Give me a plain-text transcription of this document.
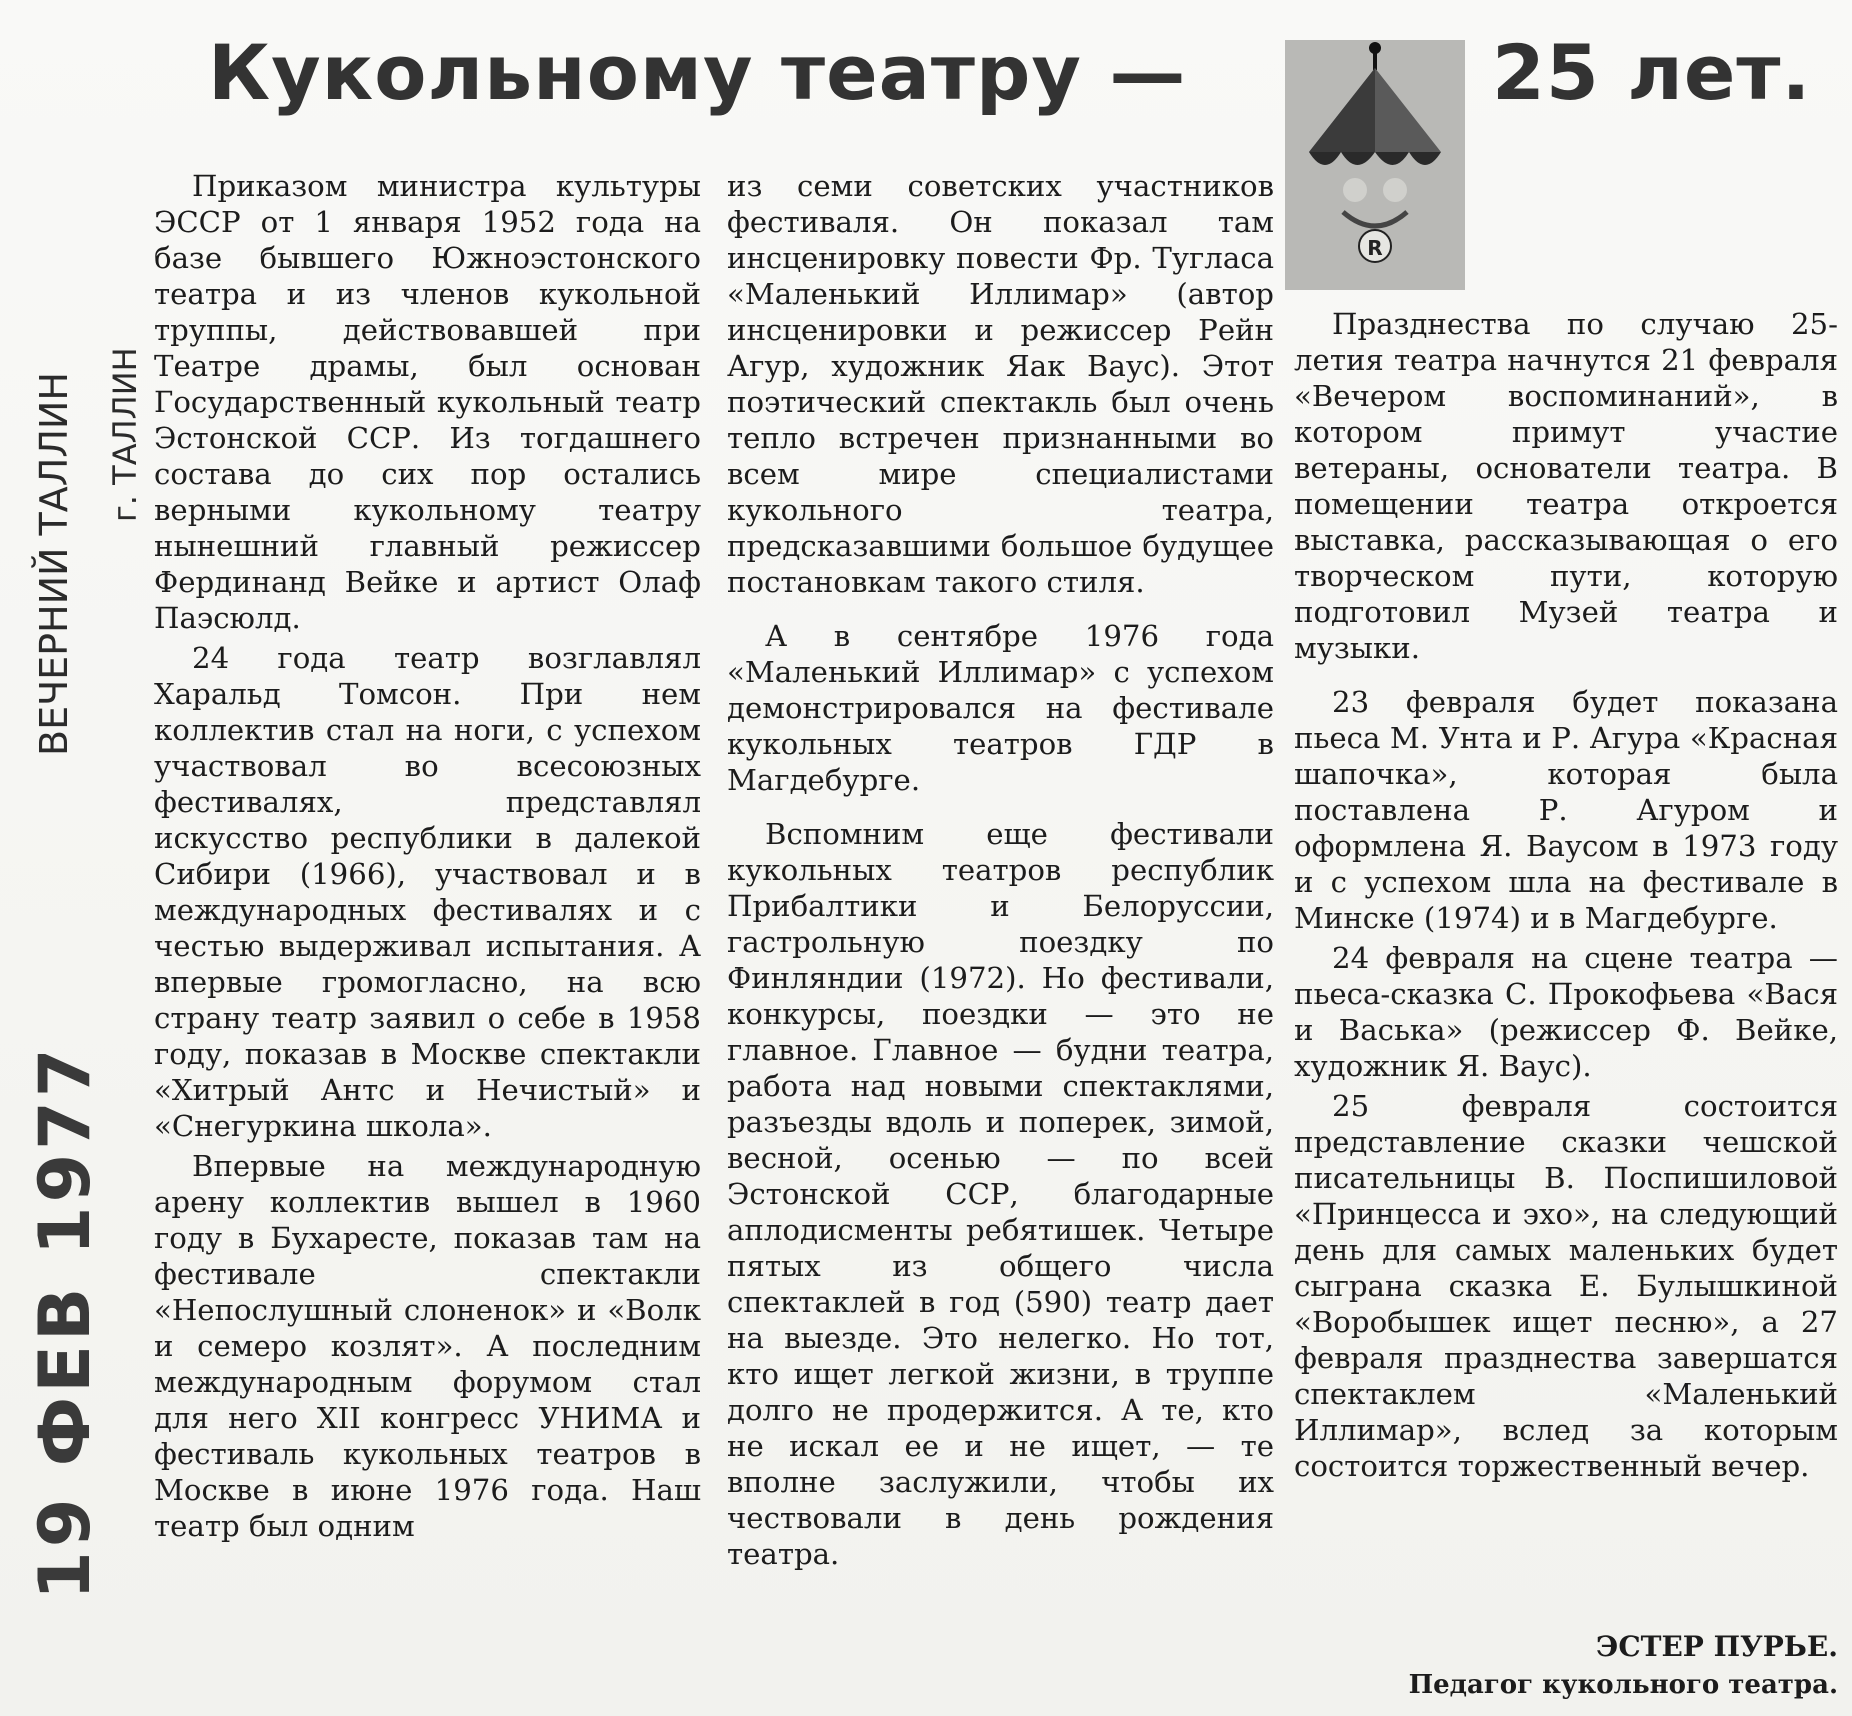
Кукольному театру —
R
25 лет.
ВЕЧЕРНИЙ ТАЛЛИН г. ТАЛЛИН
19 ФЕВ 1977

Приказом министра культуры ЭССР от 1 января 1952 года на базе бывшего Южноэстонского театра и из членов кукольной труппы, действовавшей при Театре драмы, был основан Государственный кукольный театр Эстонской ССР. Из тогдашнего состава до сих пор остались верными кукольному театру нынешний главный режиссер Фердинанд Вейке и артист Олаф Паэсюлд.

24 года театр возглавлял Харальд Томсон. При нем коллектив стал на ноги, с успехом участвовал во всесоюзных фестивалях, представлял искусство республики в далекой Сибири (1966), участвовал и в международных фестивалях и с честью выдерживал испытания. А впервые громогласно, на всю страну театр заявил о себе в 1958 году, показав в Москве спектакли «Хитрый Антс и Нечистый» и «Снегуркина школа».

Впервые на международную арену коллектив вышел в 1960 году в Бухаресте, показав там на фестивале спектакли «Непослушный слоненок» и «Волк и семеро козлят». А последним международным форумом стал для него XII конгресс УНИМА и фестиваль кукольных театров в Москве в июне 1976 года. Наш театр был одним

из семи советских участников фестиваля. Он показал там инсценировку повести Фр. Тугласа «Маленький Иллимар» (автор инсценировки и режиссер Рейн Агур, художник Яак Ваус). Этот поэтический спектакль был очень тепло встречен признанными во всем мире специалистами кукольного театра, предсказавшими большое будущее постановкам такого стиля.

А в сентябре 1976 года «Маленький Иллимар» с успехом демонстрировался на фестивале кукольных театров ГДР в Магдебурге.

Вспомним еще фестивали кукольных театров республик Прибалтики и Белоруссии, гастрольную поездку по Финляндии (1972). Но фестивали, конкурсы, поездки — это не главное. Главное — будни театра, работа над новыми спектаклями, разъезды вдоль и поперек, зимой, весной, осенью — по всей Эстонской ССР, благодарные аплодисменты ребятишек. Четыре пятых из общего числа спектаклей в год (590) театр дает на выезде. Это нелегко. Но тот, кто ищет легкой жизни, в труппе долго не продержится. А те, кто не искал ее и не ищет, — те вполне заслужили, чтобы их чествовали в день рождения театра.

Празднества по случаю 25-летия театра начнутся 21 февраля «Вечером воспоминаний», в котором примут участие ветераны, основатели театра. В помещении театра откроется выставка, рассказывающая о его творческом пути, которую подготовил Музей театра и музыки.

23 февраля будет показана пьеса М. Унта и Р. Агура «Красная шапочка», которая была поставлена Р. Агуром и оформлена Я. Ваусом в 1973 году и с успехом шла на фестивале в Минске (1974) и в Магдебурге.

24 февраля на сцене театра — пьеса-сказка С. Прокофьева «Вася и Васька» (режиссер Ф. Вейке, художник Я. Ваус).

25 февраля состоится представление сказки чешской писательницы В. Поспишиловой «Принцесса и эхо», на следующий день для самых маленьких будет сыграна сказка Е. Булышкиной «Воробышек ищет песню», а 27 февраля празднества завершатся спектаклем «Маленький Иллимар», вслед за которым состоится торжественный вечер.

ЭСТЕР ПУРЬЕ.
Педагог кукольного театра.
